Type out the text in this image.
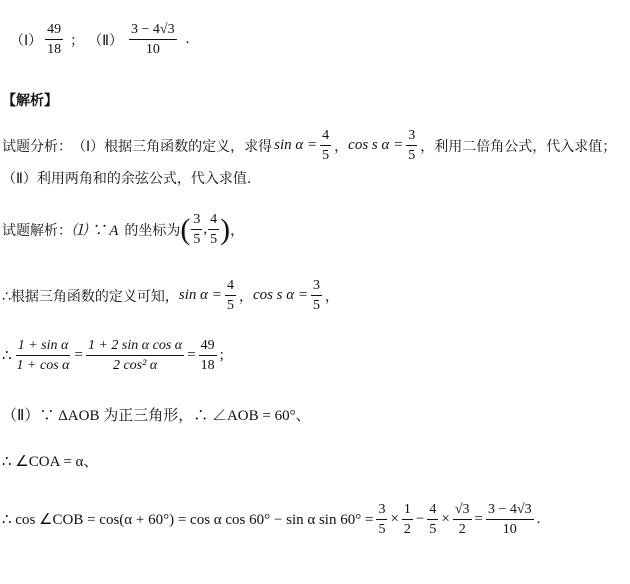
（Ⅰ） $\frac{49}{18}$ ； （Ⅱ） $\frac{3 - 4√3}{10}$ .
【解析】
试题分析： （Ⅰ）根据三角函数的定义，求得 $\sin \alpha = \frac{4}{5}$ ， cos s $\alpha = \frac{3}{5}$ ，利用二倍角公式，代入求值；
（Ⅱ）利用两角和的余弦公式，代入求值.
试题解析： ⑴ ∵ A 的坐标为 ( $\frac{3}{5}$ , $\frac{4}{5}$ ) ，
∴根据三角函数的定义可知， $\sin \alpha = \frac{4}{5}$ ， cos s $\alpha = \frac{3}{5}$ ，
∴ $\frac{\text{1 + sin α}}{\text{1 + cos α}} = \frac{\text{1 + 2 sin α cos α}}{\text{2 cos² α}} = \frac{49}{18}$ ;
（Ⅱ）∵ ΔAOB 为正三角形，∴ ∠AOB = 60°、
∴ ∠COA = α、
∴ cos ∠COB = cos(α + 60°) = cos α cos 60° − sin α $\sin 60^\circ = \frac{3}{5} \times \frac{1}{2} - \frac{4}{5} \times \frac{√3}{2} = \frac{3 - 4√3}{10}$ .
